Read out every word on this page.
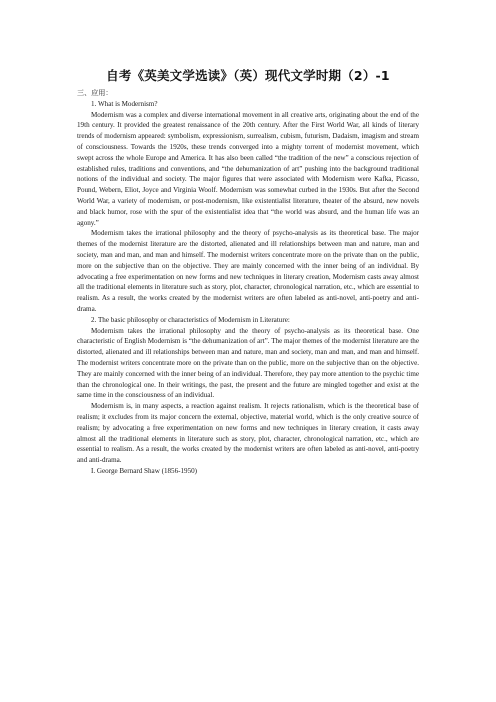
自考《英美文学选读》（英）现代文学时期（2）-1

三、应用：

1. What is Modernism?

Modernism was a complex and diverse international movement in all creative arts, originating about the end of the 19th century. It provided the greatest renaissance of the 20th century. After the First World War, all kinds of literary trends of modernism appeared: symbolism, expressionism, surrealism, cubism, futurism, Dadaism, imagism and stream of consciousness. Towards the 1920s, these trends converged into a mighty torrent of modernist movement, which swept across the whole Europe and America. It has also been called “the tradition of the new” a conscious rejection of established rules, traditions and conventions, and “the dehumanization of art” pushing into the background traditional notions of the individual and society. The major figures that were associated with Modernism were Kafka, Picasso, Pound, Webern, Eliot, Joyce and Virginia Woolf. Modernism was somewhat curbed in the 1930s. But after the Second World War, a variety of modernism, or post-modernism, like existentialist literature, theater of the absurd, new novels and black humor, rose with the spur of the existentialist idea that “the world was absurd, and the human life was an agony.”

Modernism takes the irrational philosophy and the theory of psycho-analysis as its theoretical base. The major themes of the modernist literature are the distorted, alienated and ill relationships between man and nature, man and society, man and man, and man and himself. The modernist writers concentrate more on the private than on the public, more on the subjective than on the objective. They are mainly concerned with the inner being of an individual. By advocating a free experimentation on new forms and new techniques in literary creation, Modernism casts away almost all the traditional elements in literature such as story, plot, character, chronological narration, etc., which are essential to realism. As a result, the works created by the modernist writers are often labeled as anti-novel, anti-poetry and anti-drama.

2. The basic philosophy or characteristics of Modernism in Literature:

Modernism takes the irrational philosophy and the theory of psycho-analysis as its theoretical base. One characteristic of English Modernism is “the dehumanization of art”. The major themes of the modernist literature are the distorted, alienated and ill relationships between man and nature, man and society, man and man, and man and himself. The modernist writers concentrate more on the private than on the public, more on the subjective than on the objective. They are mainly concerned with the inner being of an individual. Therefore, they pay more attention to the psychic time than the chronological one. In their writings, the past, the present and the future are mingled together and exist at the same time in the consciousness of an individual.

Modernism is, in many aspects, a reaction against realism. It rejects rationalism, which is the theoretical base of realism; it excludes from its major concern the external, objective, material world, which is the only creative source of realism; by advocating a free experimentation on new forms and new techniques in literary creation, it casts away almost all the traditional elements in literature such as story, plot, character, chronological narration, etc., which are essential to realism. As a result, the works created by the modernist writers are often labeled as anti-novel, anti-poetry and anti-drama.

I. George Bernard Shaw (1856-1950)
